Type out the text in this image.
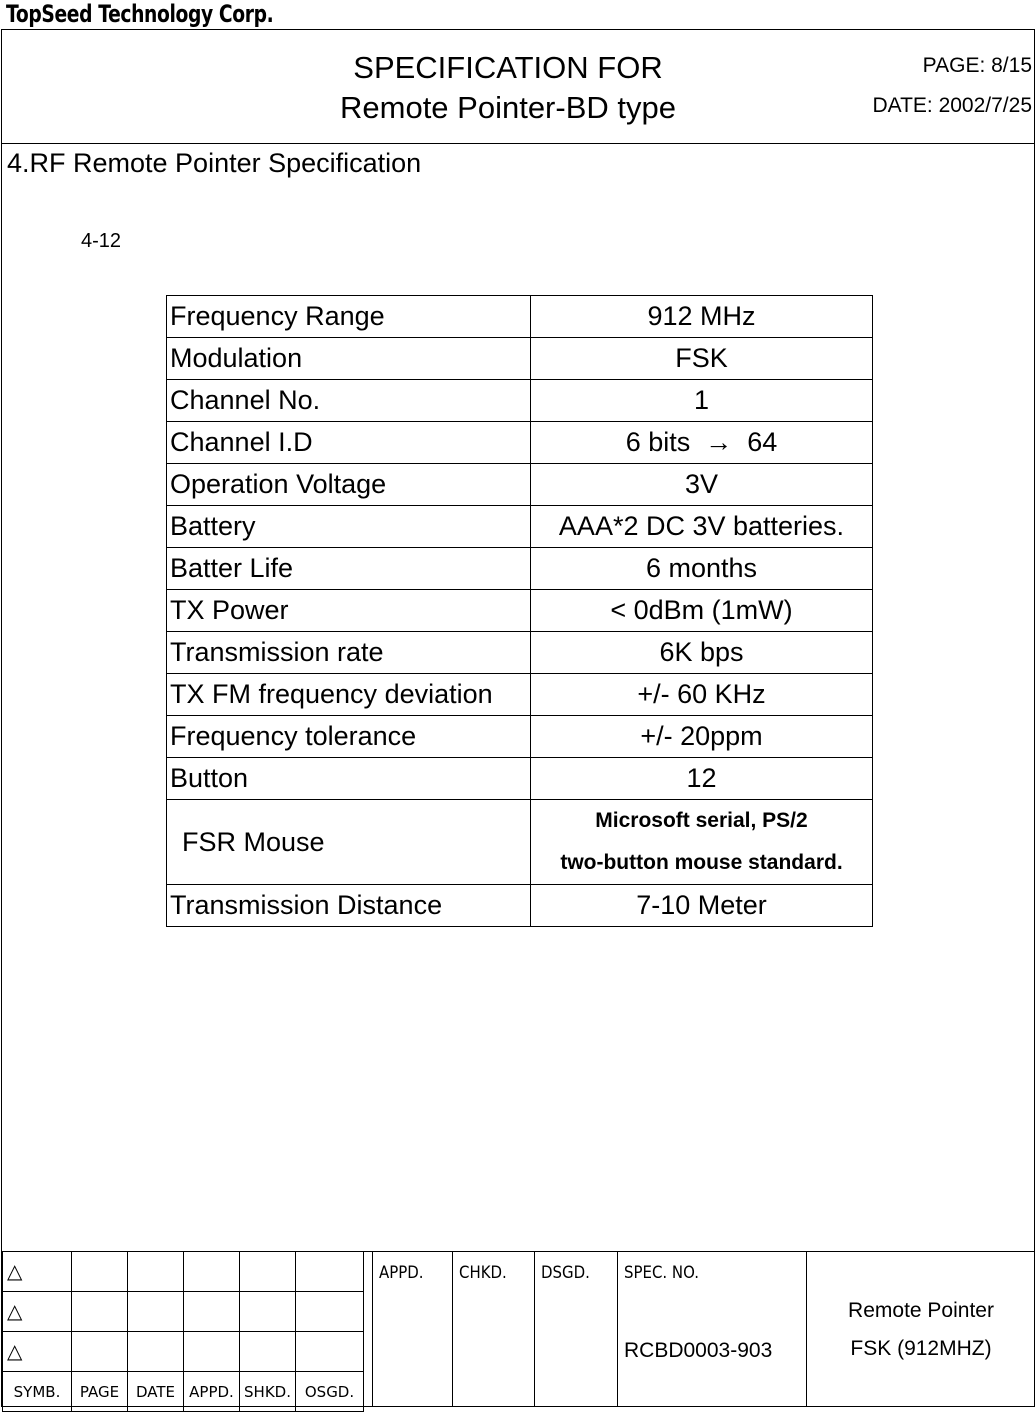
TopSeed Technology Corp.
SPECIFICATION FOR
Remote Pointer-BD type
PAGE: 8/15
DATE: 2002/7/25
4.RF Remote Pointer Specification
4-12
Frequency Range	912 MHz
Modulation	FSK
Channel No.	1
Channel I.D	6 bits  →  64
Operation Voltage	3V
Battery	AAA*2 DC 3V batteries.
Batter Life	6 months
TX Power	< 0dBm (1mW)
Transmission rate	6K bps
TX FM frequency deviation	+/- 60 KHz
Frequency tolerance	+/- 20ppm
Button	12
FSR Mouse	Microsoft serial, PS/2
two-button mouse standard.

Transmission Distance	7-10 Meter
△					
△					
△					
SYMB.	PAGE	DATE	APPD.	SHKD.	OSGD.
APPD. CHKD. DSGD. SPEC. NO.
RCBD0003-903
Remote Pointer
FSK (912MHZ)
